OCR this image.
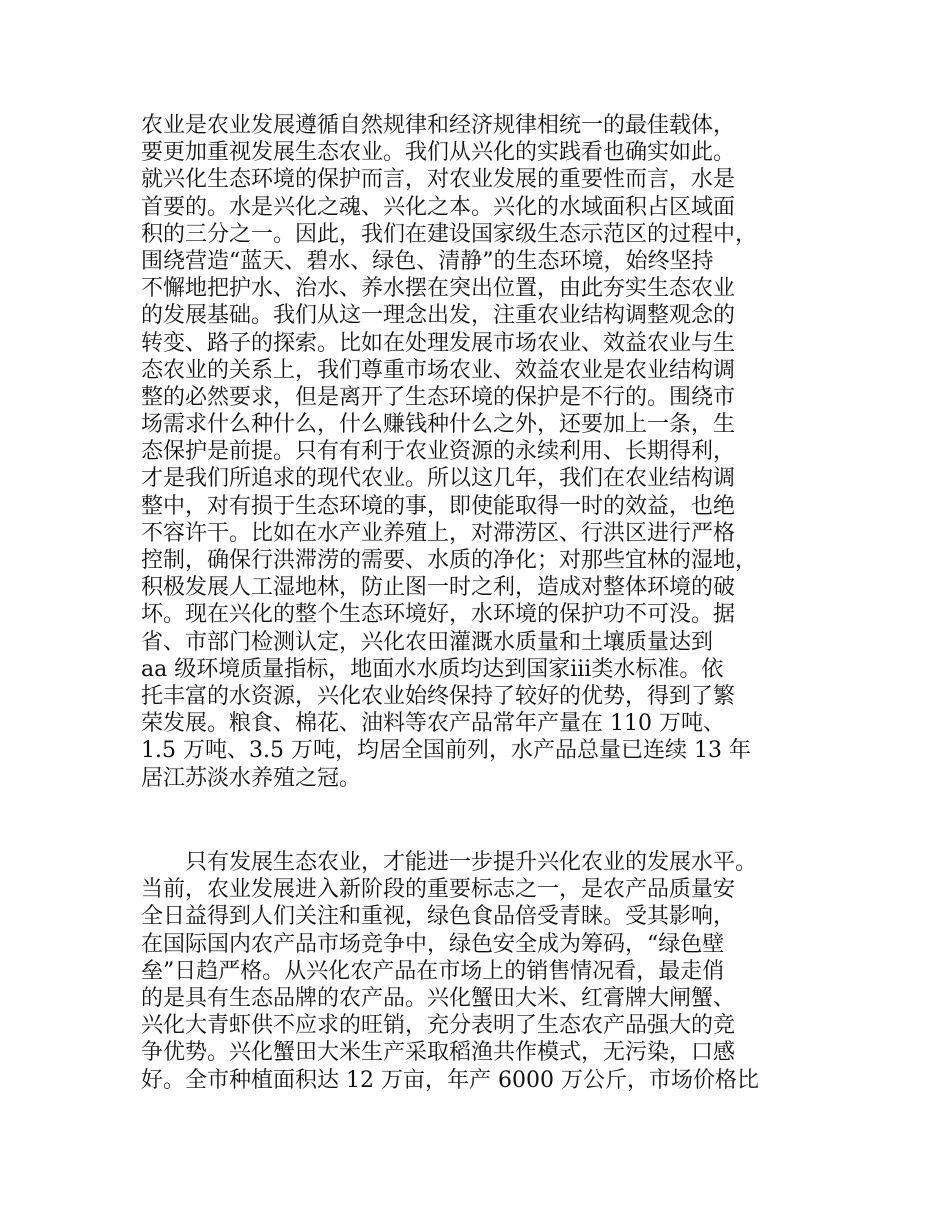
农业是农业发展遵循自然规律和经济规律相统一的最佳载体，
要更加重视发展生态农业。我们从兴化的实践看也确实如此。
就兴化生态环境的保护而言，对农业发展的重要性而言，水是
首要的。水是兴化之魂、兴化之本。兴化的水域面积占区域面
积的三分之一。因此，我们在建设国家级生态示范区的过程中，
围绕营造“蓝天、碧水、绿色、清静”的生态环境，始终坚持
不懈地把护水、治水、养水摆在突出位置，由此夯实生态农业
的发展基础。我们从这一理念出发，注重农业结构调整观念的
转变、路子的探索。比如在处理发展市场农业、效益农业与生
态农业的关系上，我们尊重市场农业、效益农业是农业结构调
整的必然要求，但是离开了生态环境的保护是不行的。围绕市
场需求什么种什么，什么赚钱种什么之外，还要加上一条，生
态保护是前提。只有有利于农业资源的永续利用、长期得利，
才是我们所追求的现代农业。所以这几年，我们在农业结构调
整中，对有损于生态环境的事，即使能取得一时的效益，也绝
不容许干。比如在水产业养殖上，对滞涝区、行洪区进行严格
控制，确保行洪滞涝的需要、水质的净化；对那些宜林的湿地，
积极发展人工湿地林，防止图一时之利，造成对整体环境的破
坏。现在兴化的整个生态环境好，水环境的保护功不可没。据
省、市部门检测认定，兴化农田灌溉水质量和土壤质量达到
aa 级环境质量指标，地面水水质均达到国家iii类水标准。依
托丰富的水资源，兴化农业始终保持了较好的优势，得到了繁
荣发展。粮食、棉花、油料等农产品常年产量在 110 万吨、
1.5 万吨、3.5 万吨，均居全国前列，水产品总量已连续 13 年
居江苏淡水养殖之冠。
只有发展生态农业，才能进一步提升兴化农业的发展水平。
当前，农业发展进入新阶段的重要标志之一，是农产品质量安
全日益得到人们关注和重视，绿色食品倍受青睐。受其影响，
在国际国内农产品市场竞争中，绿色安全成为筹码，“绿色壁
垒”日趋严格。从兴化农产品在市场上的销售情况看，最走俏
的是具有生态品牌的农产品。兴化蟹田大米、红膏牌大闸蟹、
兴化大青虾供不应求的旺销，充分表明了生态农产品强大的竞
争优势。兴化蟹田大米生产采取稻渔共作模式，无污染，口感
好。全市种植面积达 12 万亩，年产 6000 万公斤，市场价格比
